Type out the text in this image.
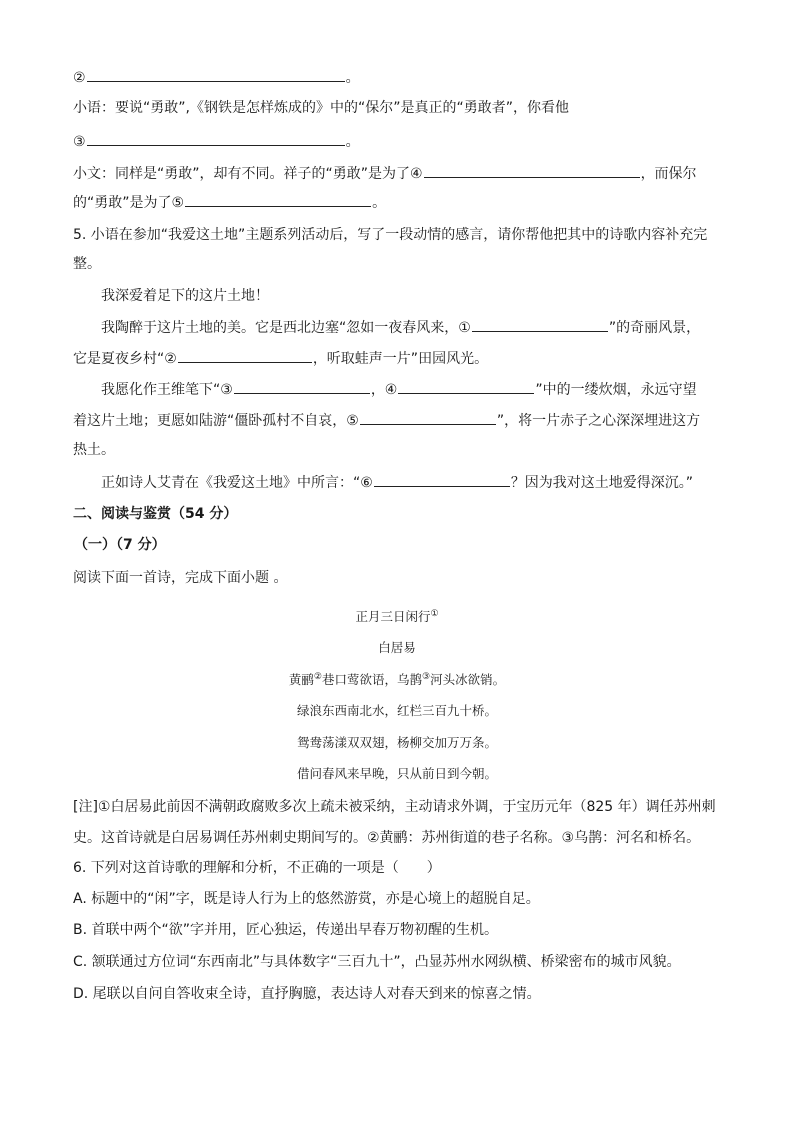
②	。
小语：要说“勇敢”,《钢铁是怎样炼成的》中的“保尔”是真正的“勇敢者”，你看他
③	。
小文：同样是“勇敢”，却有不同。祥子的“勇敢”是为了④	，而保尔
的“勇敢”是为了⑤	。
5. 小语在参加“我爱这土地”主题系列活动后，写了一段动情的感言，请你帮他把其中的诗歌内容补充完
整。
我深爱着足下的这片土地！
我陶醉于这片土地的美。它是西北边塞“忽如一夜春风来，①	”的奇丽风景，
它是夏夜乡村“②	，听取蛙声一片”田园风光。
我愿化作王维笔下“③	，④	”中的一缕炊烟，永远守望
着这片土地；更愿如陆游“僵卧孤村不自哀，⑤	”，将一片赤子之心深深埋进这方
热土。
正如诗人艾青在《我爱这土地》中所言：“⑥	？因为我对这土地爱得深沉。”
二、阅读与鉴赏（54 分）
（一）（7 分）
阅读下面一首诗，完成下面小题 。
正月三日闲行①
白居易
黄鹂②巷口莺欲语，乌鹊③河头冰欲销。
绿浪东西南北水，红栏三百九十桥。
鸳鸯荡漾双双翅，杨柳交加万万条。
借问春风来早晚，只从前日到今朝。
[注]①白居易此前因不满朝政腐败多次上疏未被采纳，主动请求外调，于宝历元年（825 年）调任苏州刺
史。这首诗就是白居易调任苏州刺史期间写的。②黄鹂：苏州街道的巷子名称。③乌鹊：河名和桥名。
6. 下列对这首诗歌的理解和分析，不正确的一项是（　　）
A. 标题中的“闲”字，既是诗人行为上的悠然游赏，亦是心境上的超脱自足。
B. 首联中两个“欲”字并用，匠心独运，传递出早春万物初醒的生机。
C. 颔联通过方位词“东西南北”与具体数字“三百九十”，凸显苏州水网纵横、桥梁密布的城市风貌。
D. 尾联以自问自答收束全诗，直抒胸臆，表达诗人对春天到来的惊喜之情。
